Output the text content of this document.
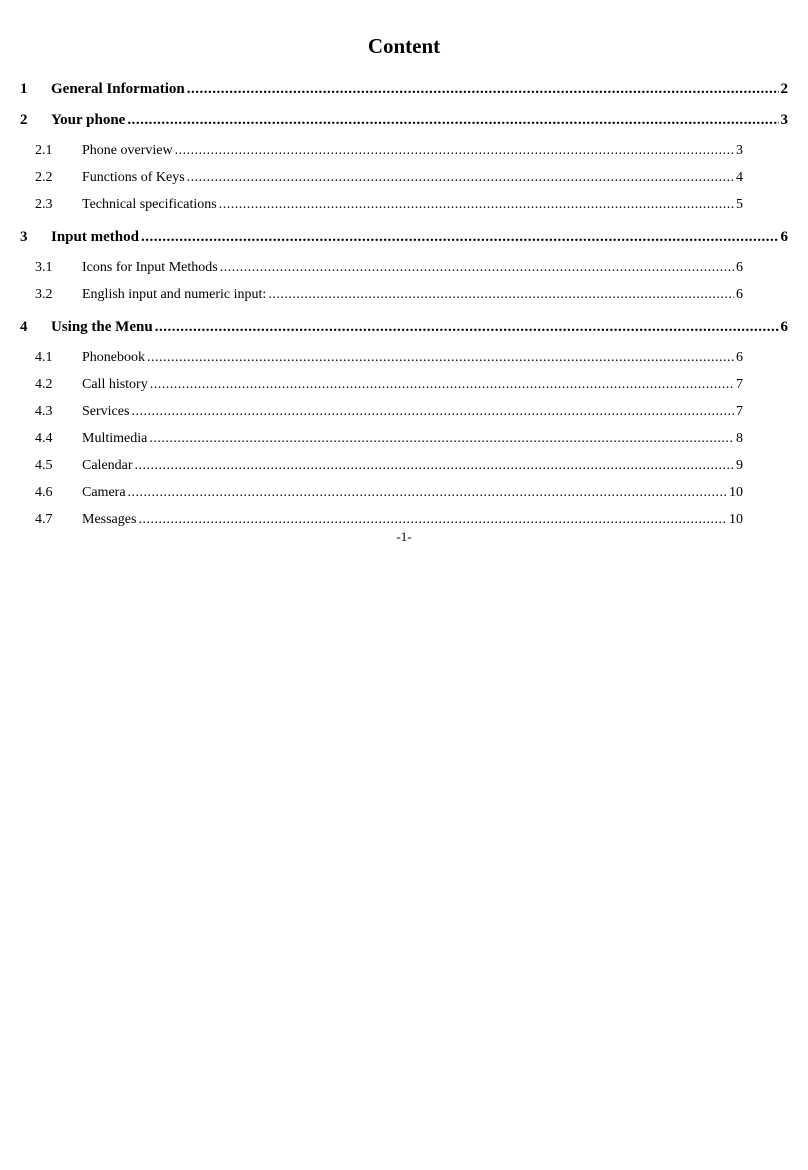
Content
1	General Information .....	2
2	Your phone .....	3
2.1	Phone overview .....	3
2.2	Functions of Keys .....	4
2.3	Technical specifications .....	5
3	Input method .....	6
3.1	Icons for Input Methods .....	6
3.2	English input and numeric input: .....	6
4	Using the Menu .....	6
4.1	Phonebook .....	6
4.2	Call history .....	7
4.3	Services .....	7
4.4	Multimedia .....	8
4.5	Calendar .....	9
4.6	Camera .....	10
4.7	Messages .....	10
-1-
